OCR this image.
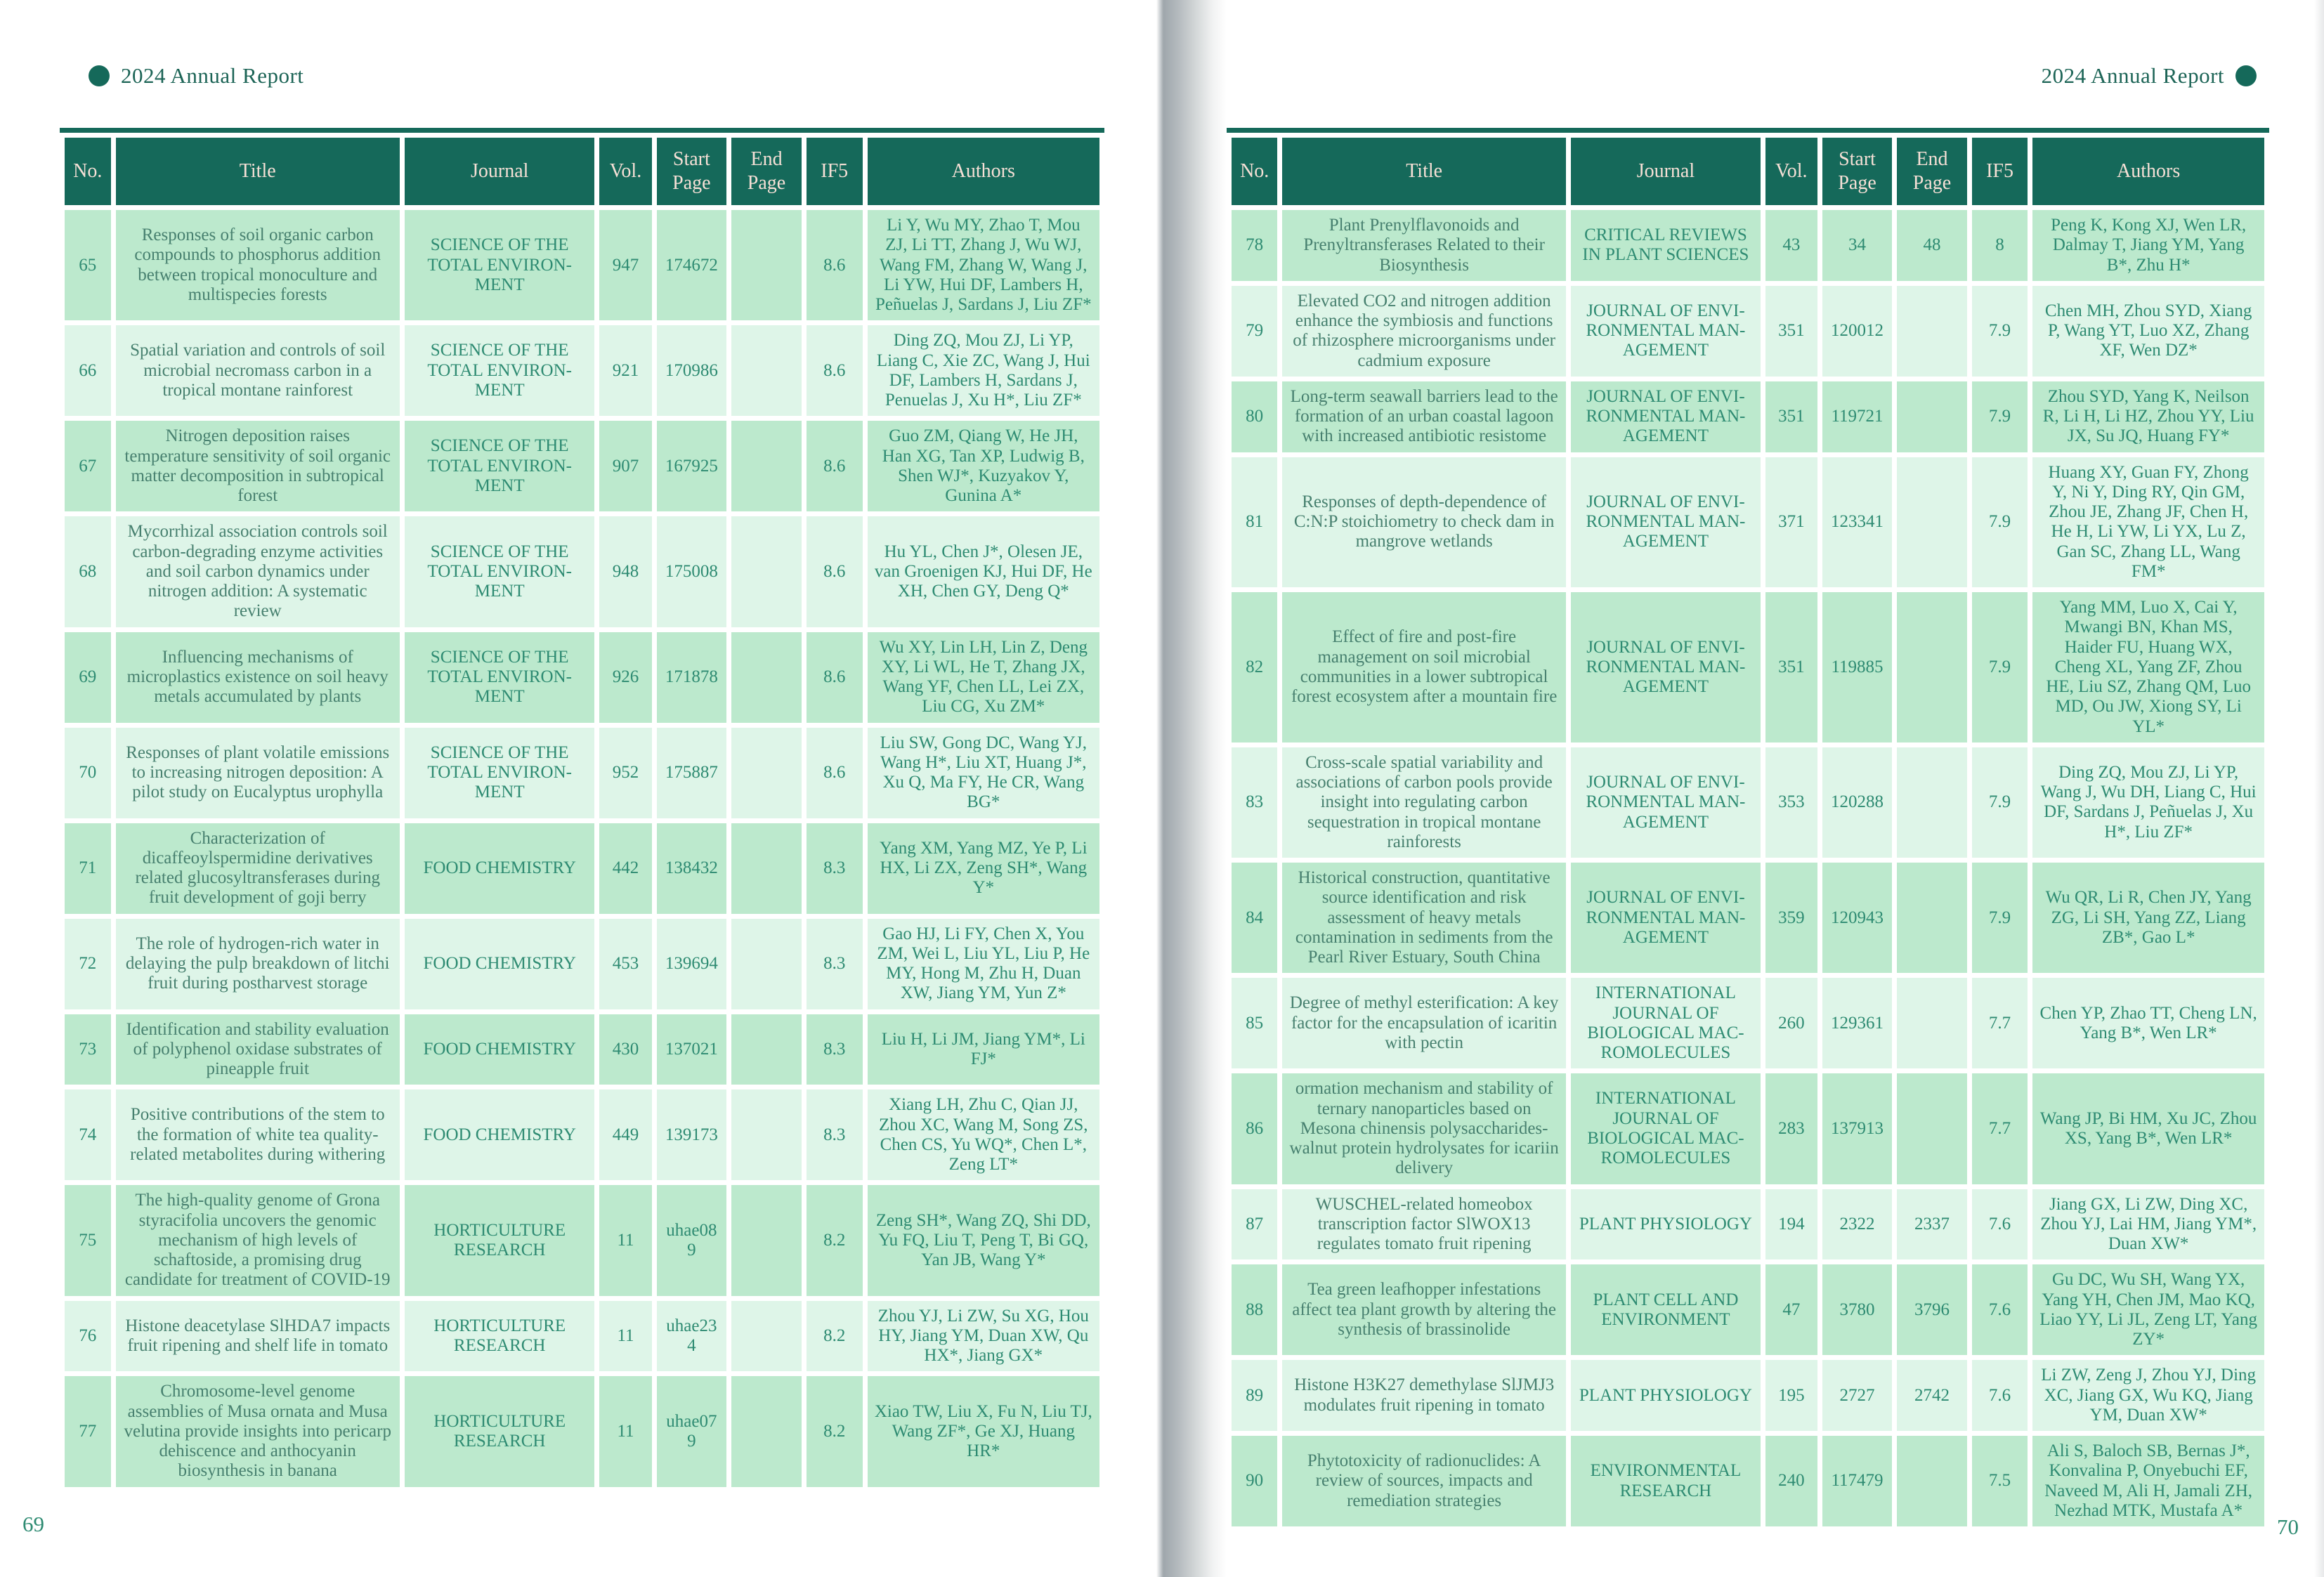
2024 Annual Report
No.	Title	Journal	Vol.	Start Page	End Page	IF5	Authors
65	Responses of soil organic carbon compounds to phosphorus addition between tropical monoculture and multispecies forests	SCIENCE OF THE TOTAL ENVIRON-MENT	947	174672		8.6	Li Y, Wu MY, Zhao T, Mou ZJ, Li TT, Zhang J, Wu WJ, Wang FM, Zhang W, Wang J, Li YW, Hui DF, Lambers H, Peñuelas J, Sardans J, Liu ZF*
66	Spatial variation and controls of soil microbial necromass carbon in a tropical montane rainforest	SCIENCE OF THE TOTAL ENVIRON-MENT	921	170986		8.6	Ding ZQ, Mou ZJ, Li YP, Liang C, Xie ZC, Wang J, Hui DF, Lambers H, Sardans J, Penuelas J, Xu H*, Liu ZF*
67	Nitrogen deposition raises temperature sensitivity of soil organic matter decomposition in subtropical forest	SCIENCE OF THE TOTAL ENVIRON-MENT	907	167925		8.6	Guo ZM, Qiang W, He JH, Han XG, Tan XP, Ludwig B, Shen WJ*, Kuzyakov Y, Gunina A*
68	Mycorrhizal association controls soil carbon-degrading enzyme activities and soil carbon dynamics under nitrogen addition: A systematic review	SCIENCE OF THE TOTAL ENVIRON-MENT	948	175008		8.6	Hu YL, Chen J*, Olesen JE, van Groenigen KJ, Hui DF, He XH, Chen GY, Deng Q*
69	Influencing mechanisms of microplastics existence on soil heavy metals accumulated by plants	SCIENCE OF THE TOTAL ENVIRON-MENT	926	171878		8.6	Wu XY, Lin LH, Lin Z, Deng XY, Li WL, He T, Zhang JX, Wang YF, Chen LL, Lei ZX, Liu CG, Xu ZM*
70	Responses of plant volatile emissions to increasing nitrogen deposition: A pilot study on Eucalyptus urophylla	SCIENCE OF THE TOTAL ENVIRON-MENT	952	175887		8.6	Liu SW, Gong DC, Wang YJ, Wang H*, Liu XT, Huang J*, Xu Q, Ma FY, He CR, Wang BG*
71	Characterization of dicaffeoylspermidine derivatives related glucosyltransferases during fruit development of goji berry	FOOD CHEMISTRY	442	138432		8.3	Yang XM, Yang MZ, Ye P, Li HX, Li ZX, Zeng SH*, Wang Y*
72	The role of hydrogen-rich water in delaying the pulp breakdown of litchi fruit during postharvest storage	FOOD CHEMISTRY	453	139694		8.3	Gao HJ, Li FY, Chen X, You ZM, Wei L, Liu YL, Liu P, He MY, Hong M, Zhu H, Duan XW, Jiang YM, Yun Z*
73	Identification and stability evaluation of polyphenol oxidase substrates of pineapple fruit	FOOD CHEMISTRY	430	137021		8.3	Liu H, Li JM, Jiang YM*, Li FJ*
74	Positive contributions of the stem to the formation of white tea quality-related metabolites during withering	FOOD CHEMISTRY	449	139173		8.3	Xiang LH, Zhu C, Qian JJ, Zhou XC, Wang M, Song ZS, Chen CS, Yu WQ*, Chen L*, Zeng LT*
75	The high-quality genome of Grona styracifolia uncovers the genomic mechanism of high levels of schaftoside, a promising drug candidate for treatment of COVID-19	HORTICULTURE RESEARCH	11	uhae089		8.2	Zeng SH*, Wang ZQ, Shi DD, Yu FQ, Liu T, Peng T, Bi GQ, Yan JB, Wang Y*
76	Histone deacetylase SlHDA7 impacts fruit ripening and shelf life in tomato	HORTICULTURE RESEARCH	11	uhae234		8.2	Zhou YJ, Li ZW, Su XG, Hou HY, Jiang YM, Duan XW, Qu HX*, Jiang GX*
77	Chromosome-level genome assemblies of Musa ornata and Musa velutina provide insights into pericarp dehiscence and anthocyanin biosynthesis in banana	HORTICULTURE RESEARCH	11	uhae079		8.2	Xiao TW, Liu X, Fu N, Liu TJ, Wang ZF*, Ge XJ, Huang HR*
69
2024 Annual Report
No.	Title	Journal	Vol.	Start Page	End Page	IF5	Authors
78	Plant Prenylflavonoids and Prenyltransferases Related to their Biosynthesis	CRITICAL REVIEWS IN PLANT SCIENCES	43	34	48	8	Peng K, Kong XJ, Wen LR, Dalmay T, Jiang YM, Yang B*, Zhu H*
79	Elevated CO2 and nitrogen addition enhance the symbiosis and functions of rhizosphere microorganisms under cadmium exposure	JOURNAL OF ENVI-RONMENTAL MAN-AGEMENT	351	120012		7.9	Chen MH, Zhou SYD, Xiang P, Wang YT, Luo XZ, Zhang XF, Wen DZ*
80	Long-term seawall barriers lead to the formation of an urban coastal lagoon with increased antibiotic resistome	JOURNAL OF ENVI-RONMENTAL MAN-AGEMENT	351	119721		7.9	Zhou SYD, Yang K, Neilson R, Li H, Li HZ, Zhou YY, Liu JX, Su JQ, Huang FY*
81	Responses of depth-dependence of C:N:P stoichiometry to check dam in mangrove wetlands	JOURNAL OF ENVI-RONMENTAL MAN-AGEMENT	371	123341		7.9	Huang XY, Guan FY, Zhong Y, Ni Y, Ding RY, Qin GM, Zhou JE, Zhang JF, Chen H, He H, Li YW, Li YX, Lu Z, Gan SC, Zhang LL, Wang FM*
82	Effect of fire and post-fire management on soil microbial communities in a lower subtropical forest ecosystem after a mountain fire	JOURNAL OF ENVI-RONMENTAL MAN-AGEMENT	351	119885		7.9	Yang MM, Luo X, Cai Y, Mwangi BN, Khan MS, Haider FU, Huang WX, Cheng XL, Yang ZF, Zhou HE, Liu SZ, Zhang QM, Luo MD, Ou JW, Xiong SY, Li YL*
83	Cross-scale spatial variability and associations of carbon pools provide insight into regulating carbon sequestration in tropical montane rainforests	JOURNAL OF ENVI-RONMENTAL MAN-AGEMENT	353	120288		7.9	Ding ZQ, Mou ZJ, Li YP, Wang J, Wu DH, Liang C, Hui DF, Sardans J, Peñuelas J, Xu H*, Liu ZF*
84	Historical construction, quantitative source identification and risk assessment of heavy metals contamination in sediments from the Pearl River Estuary, South China	JOURNAL OF ENVI-RONMENTAL MAN-AGEMENT	359	120943		7.9	Wu QR, Li R, Chen JY, Yang ZG, Li SH, Yang ZZ, Liang ZB*, Gao L*
85	Degree of methyl esterification: A key factor for the encapsulation of icaritin with pectin	INTERNATIONAL JOURNAL OF BIOLOGICAL MAC-ROMOLECULES	260	129361		7.7	Chen YP, Zhao TT, Cheng LN, Yang B*, Wen LR*
86	ormation mechanism and stability of ternary nanoparticles based on Mesona chinensis polysaccharides-walnut protein hydrolysates for icariin delivery	INTERNATIONAL JOURNAL OF BIOLOGICAL MAC-ROMOLECULES	283	137913		7.7	Wang JP, Bi HM, Xu JC, Zhou XS, Yang B*, Wen LR*
87	WUSCHEL-related homeobox transcription factor SlWOX13 regulates tomato fruit ripening	PLANT PHYSIOLOGY	194	2322	2337	7.6	Jiang GX, Li ZW, Ding XC, Zhou YJ, Lai HM, Jiang YM*, Duan XW*
88	Tea green leafhopper infestations affect tea plant growth by altering the synthesis of brassinolide	PLANT CELL AND ENVIRONMENT	47	3780	3796	7.6	Gu DC, Wu SH, Wang YX, Yang YH, Chen JM, Mao KQ, Liao YY, Li JL, Zeng LT, Yang ZY*
89	Histone H3K27 demethylase SlJMJ3 modulates fruit ripening in tomato	PLANT PHYSIOLOGY	195	2727	2742	7.6	Li ZW, Zeng J, Zhou YJ, Ding XC, Jiang GX, Wu KQ, Jiang YM, Duan XW*
90	Phytotoxicity of radionuclides: A review of sources, impacts and remediation strategies	ENVIRONMENTAL RESEARCH	240	117479		7.5	Ali S, Baloch SB, Bernas J*, Konvalina P, Onyebuchi EF, Naveed M, Ali H, Jamali ZH, Nezhad MTK, Mustafa A*
70
